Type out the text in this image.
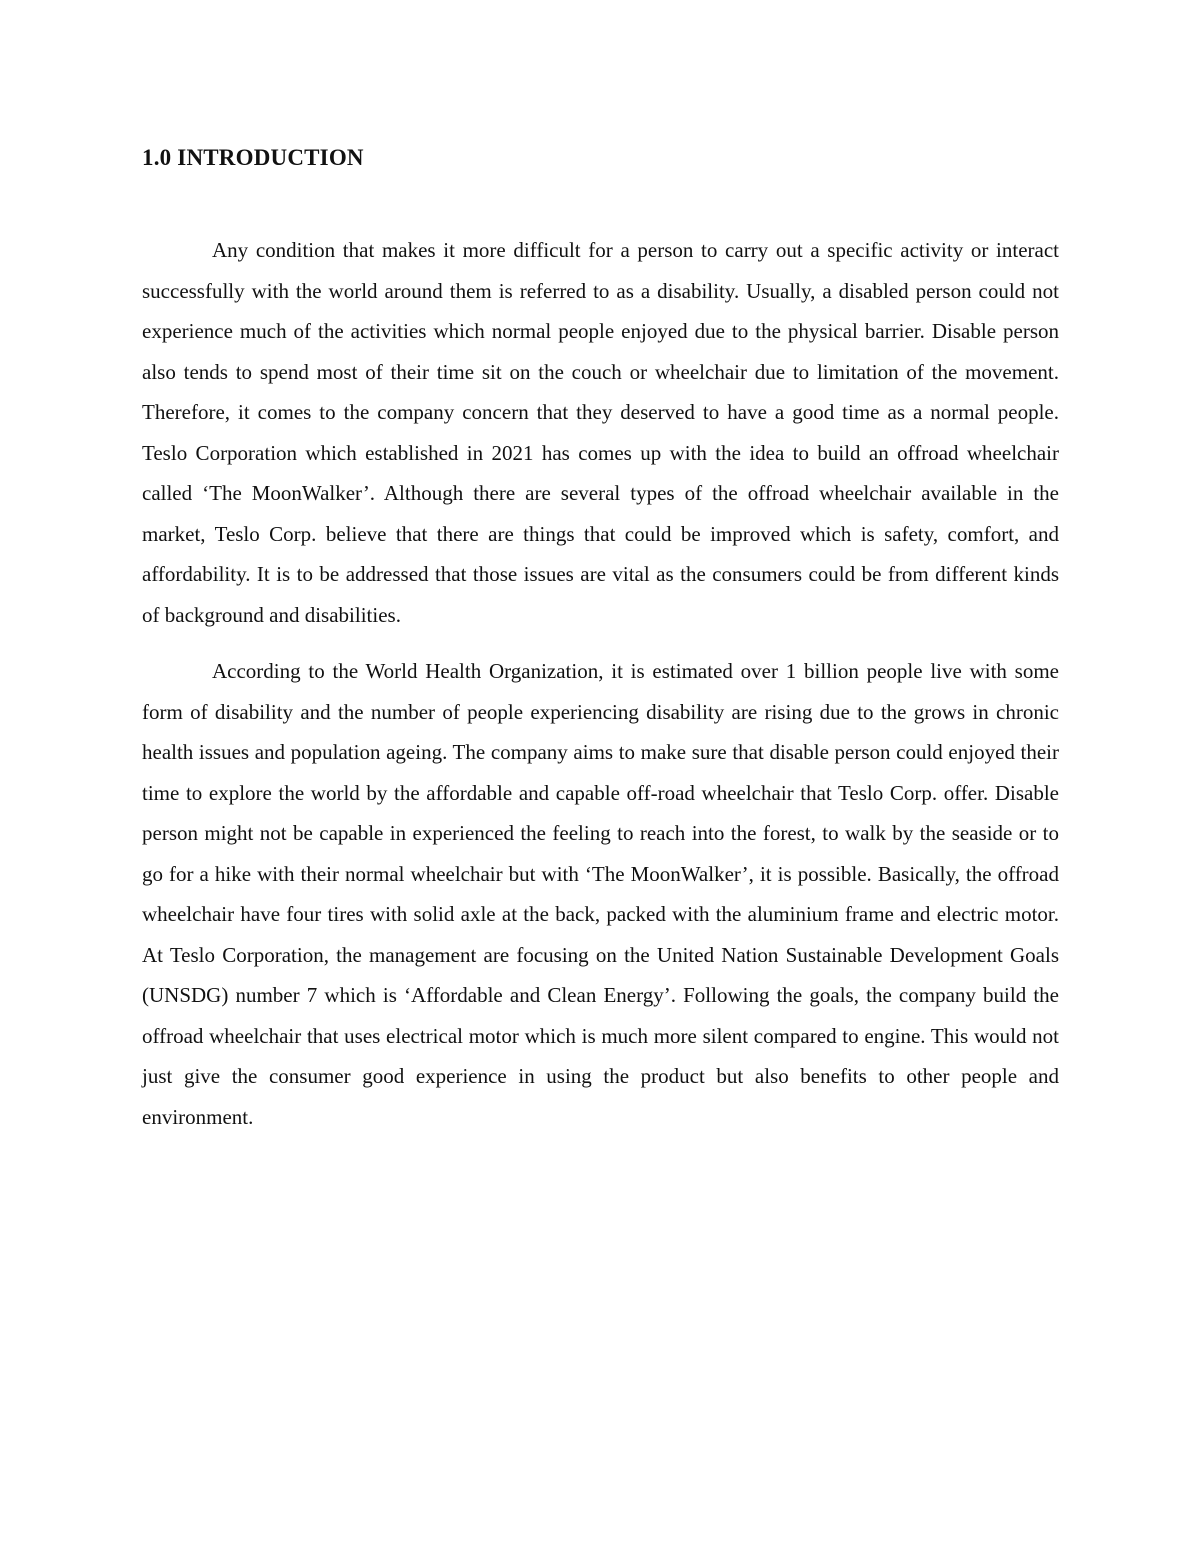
1.0 INTRODUCTION

Any condition that makes it more difficult for a person to carry out a specific activity or interact successfully with the world around them is referred to as a disability. Usually, a disabled person could not experience much of the activities which normal people enjoyed due to the physical barrier. Disable person also tends to spend most of their time sit on the couch or wheelchair due to limitation of the movement. Therefore, it comes to the company concern that they deserved to have a good time as a normal people. Teslo Corporation which established in 2021 has comes up with the idea to build an offroad wheelchair called ‘The MoonWalker’. Although there are several types of the offroad wheelchair available in the market, Teslo Corp. believe that there are things that could be improved which is safety, comfort, and affordability. It is to be addressed that those issues are vital as the consumers could be from different kinds of background and disabilities.

According to the World Health Organization, it is estimated over 1 billion people live with some form of disability and the number of people experiencing disability are rising due to the grows in chronic health issues and population ageing. The company aims to make sure that disable person could enjoyed their time to explore the world by the affordable and capable off-road wheelchair that Teslo Corp. offer. Disable person might not be capable in experienced the feeling to reach into the forest, to walk by the seaside or to go for a hike with their normal wheelchair but with ‘The MoonWalker’, it is possible. Basically, the offroad wheelchair have four tires with solid axle at the back, packed with the aluminium frame and electric motor. At Teslo Corporation, the management are focusing on the United Nation Sustainable Development Goals (UNSDG) number 7 which is ‘Affordable and Clean Energy’. Following the goals, the company build the offroad wheelchair that uses electrical motor which is much more silent compared to engine. This would not just give the consumer good experience in using the product but also benefits to other people and environment.
